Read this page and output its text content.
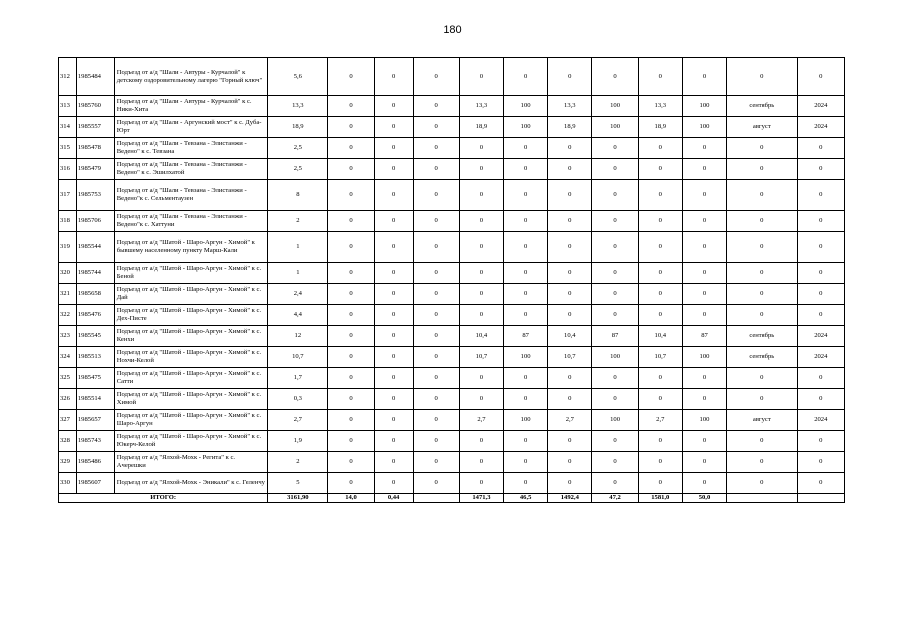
180
312	1985484	Подъезд от а/д "Шали - Автуры - Курчалой" к детскому оздоровительному лагерю "Горный ключ"	5,6	0	0	0	0	0	0	0	0	0	0	0
313	1985760	Подъезд от а/д "Шали - Автуры - Курчалой" к с. Ники-Хита	13,3	0	0	0	13,3	100	13,3	100	13,3	100	сентябрь	2024
314	1985557	Подъезд от а/д "Шали - Аргунский мост" к с. Дуба-Юрт	18,9	0	0	0	18,9	100	18,9	100	18,9	100	август	2024
315	1985478	Подъезд от а/д "Шали - Тевзана - Элистанжи - Ведено" к с. Тевзана	2,5	0	0	0	0	0	0	0	0	0	0	0
316	1985479	Подъезд от а/д "Шали - Тевзана - Элистанжи - Ведено" к с. Эшилхатой	2,5	0	0	0	0	0	0	0	0	0	0	0
317	1985753	Подъезд от а/д "Шали - Тевзана - Элистанжи - Ведено"к с. Сельментаузен	8	0	0	0	0	0	0	0	0	0	0	0
318	1985706	Подъезд от а/д "Шали - Тевзана - Элистанжи - Ведено"к с. Хаттуни	2	0	0	0	0	0	0	0	0	0	0	0
319	1985544	Подъезд от а/д "Шатой - Шаро-Аргун - Химой" к бывшему населенному пункту Марш-Кали	1	0	0	0	0	0	0	0	0	0	0	0
320	1985744	Подъезд от а/д "Шатой - Шаро-Аргун - Химой" к с. Беной	1	0	0	0	0	0	0	0	0	0	0	0
321	1985658	Подъезд от а/д "Шатой - Шаро-Аргун - Химой" к с. Дай	2,4	0	0	0	0	0	0	0	0	0	0	0
322	1985476	Подъезд от а/д "Шатой - Шаро-Аргун - Химой" к с. Дех-Писте	4,4	0	0	0	0	0	0	0	0	0	0	0
323	1985545	Подъезд от а/д "Шатой - Шаро-Аргун - Химой" к с. Кенхи	12	0	0	0	10,4	87	10,4	87	10,4	87	сентябрь	2024
324	1985513	Подъезд от а/д "Шатой - Шаро-Аргун - Химой" к с. Нохчи-Келой	10,7	0	0	0	10,7	100	10,7	100	10,7	100	сентябрь	2024
325	1985475	Подъезд от а/д "Шатой - Шаро-Аргун - Химой" к с. Сатти	1,7	0	0	0	0	0	0	0	0	0	0	0
326	1985514	Подъезд от а/д "Шатой - Шаро-Аргун - Химой" к с. Химой	0,3	0	0	0	0	0	0	0	0	0	0	0
327	1985657	Подъезд от а/д "Шатой - Шаро-Аргун - Химой" к с. Шаро-Аргун	2,7	0	0	0	2,7	100	2,7	100	2,7	100	август	2024
328	1985743	Подъезд от а/д "Шатой - Шаро-Аргун - Химой" к с. Юкерч-Келой	1,9	0	0	0	0	0	0	0	0	0	0	0
329	1985486	Подъезд от а/д "Ялхой-Мохк - Регита" к с. Ачерешки	2	0	0	0	0	0	0	0	0	0	0	0
330	1985607	Подъезд от а/д "Ялхой-Мохк - Эникали" к с. Геленчу	5	0	0	0	0	0	0	0	0	0	0	0
ИТОГО:			3161,90	14,0	0,44		1471,3	46,5	1492,4	47,2	1581,0	50,0		
